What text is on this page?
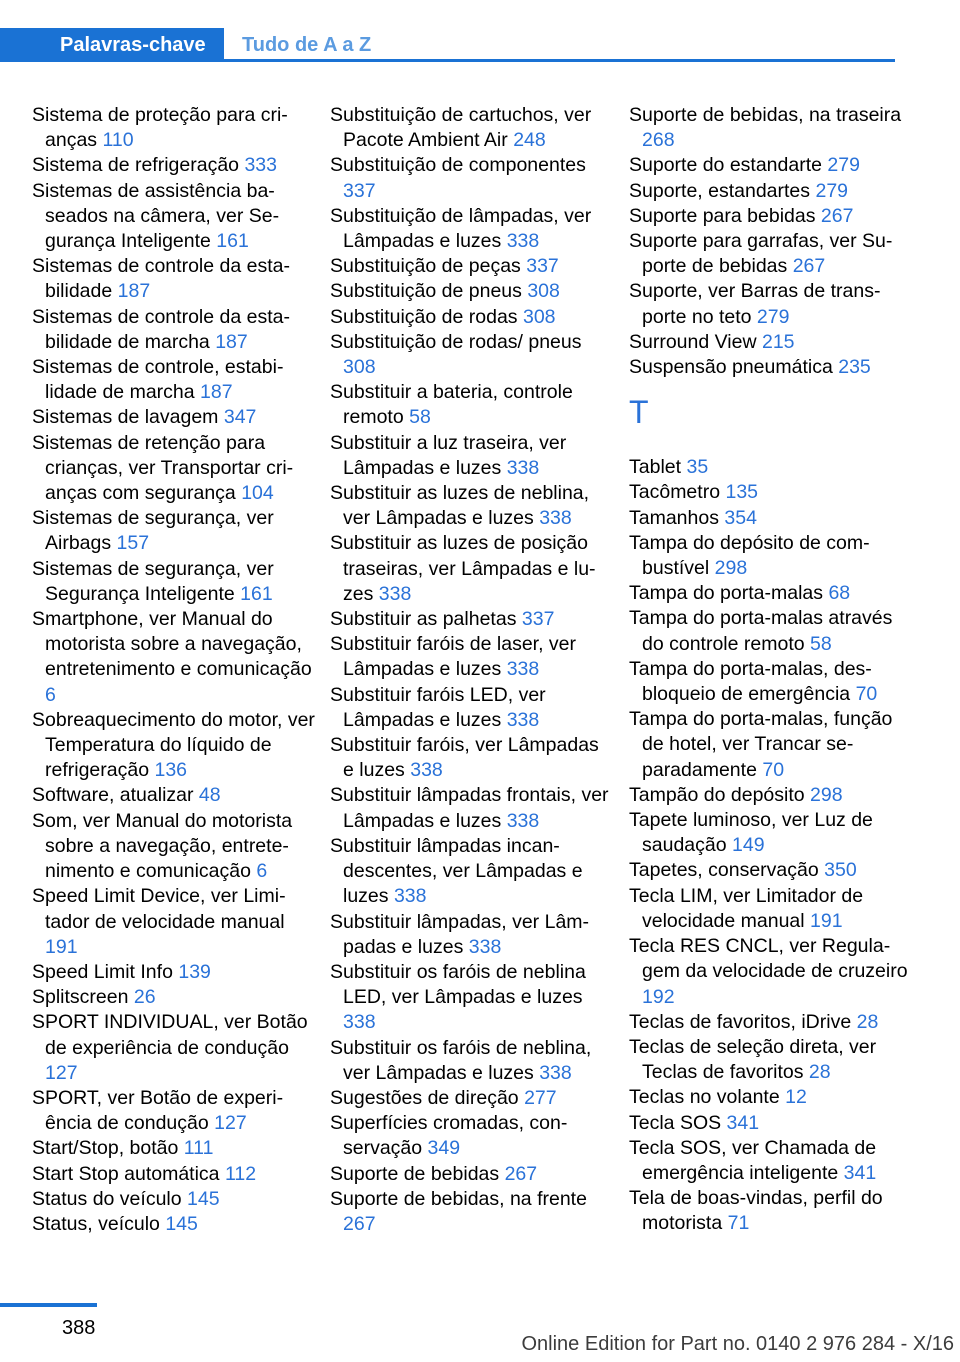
Palavras-chave	Tudo de A a Z
Sistema de proteção para crianças 110
Sistema de refrigeração 333
Sistemas de assistência baseados na câmera, ver Segurança Inteligente 161
Sistemas de controle da estabilidade 187
Sistemas de controle da estabilidade de marcha 187
Sistemas de controle, estabilidade de marcha 187
Sistemas de lavagem 347
Sistemas de retenção para crianças, ver Transportar crianças com segurança 104
Sistemas de segurança, ver Airbags 157
Sistemas de segurança, ver Segurança Inteligente 161
Smartphone, ver Manual do motorista sobre a navegação, entretenimento e comunicação 6
Sobreaquecimento do motor, ver Temperatura do líquido de refrigeração 136
Software, atualizar 48
Som, ver Manual do motorista sobre a navegação, entretenimento e comunicação 6
Speed Limit Device, ver Limitador de velocidade manual 191
Speed Limit Info 139
Splitscreen 26
SPORT INDIVIDUAL, ver Botão de experiência de condução 127
SPORT, ver Botão de experiência de condução 127
Start/Stop, botão 111
Start Stop automática 112
Status do veículo 145
Status, veículo 145
Substituição de cartuchos, ver Pacote Ambient Air 248
Substituição de componentes 337
Substituição de lâmpadas, ver Lâmpadas e luzes 338
Substituição de peças 337
Substituição de pneus 308
Substituição de rodas 308
Substituição de rodas/ pneus 308
Substituir a bateria, controle remoto 58
Substituir a luz traseira, ver Lâmpadas e luzes 338
Substituir as luzes de neblina, ver Lâmpadas e luzes 338
Substituir as luzes de posição traseiras, ver Lâmpadas e luzes 338
Substituir as palhetas 337
Substituir faróis de laser, ver Lâmpadas e luzes 338
Substituir faróis LED, ver Lâmpadas e luzes 338
Substituir faróis, ver Lâmpadas e luzes 338
Substituir lâmpadas frontais, ver Lâmpadas e luzes 338
Substituir lâmpadas incandescentes, ver Lâmpadas e luzes 338
Substituir lâmpadas, ver Lâmpadas e luzes 338
Substituir os faróis de neblina LED, ver Lâmpadas e luzes 338
Substituir os faróis de neblina, ver Lâmpadas e luzes 338
Sugestões de direção 277
Superfícies cromadas, conservação 349
Suporte de bebidas 267
Suporte de bebidas, na frente 267
Suporte de bebidas, na traseira 268
Suporte do estandarte 279
Suporte, estandartes 279
Suporte para bebidas 267
Suporte para garrafas, ver Suporte de bebidas 267
Suporte, ver Barras de transporte no teto 279
Surround View 215
Suspensão pneumática 235
T
Tablet 35
Tacômetro 135
Tamanhos 354
Tampa do depósito de combustível 298
Tampa do porta-malas 68
Tampa do porta-malas através do controle remoto 58
Tampa do porta-malas, desbloqueio de emergência 70
Tampa do porta-malas, função de hotel, ver Trancar separadamente 70
Tampão do depósito 298
Tapete luminoso, ver Luz de saudação 149
Tapetes, conservação 350
Tecla LIM, ver Limitador de velocidade manual 191
Tecla RES CNCL, ver Regulagem da velocidade de cruzeiro 192
Teclas de favoritos, iDrive 28
Teclas de seleção direta, ver Teclas de favoritos 28
Teclas no volante 12
Tecla SOS 341
Tecla SOS, ver Chamada de emergência inteligente 341
Tela de boas-vindas, perfil do motorista 71
388
Online Edition for Part no. 0140 2 976 284 - X/16
